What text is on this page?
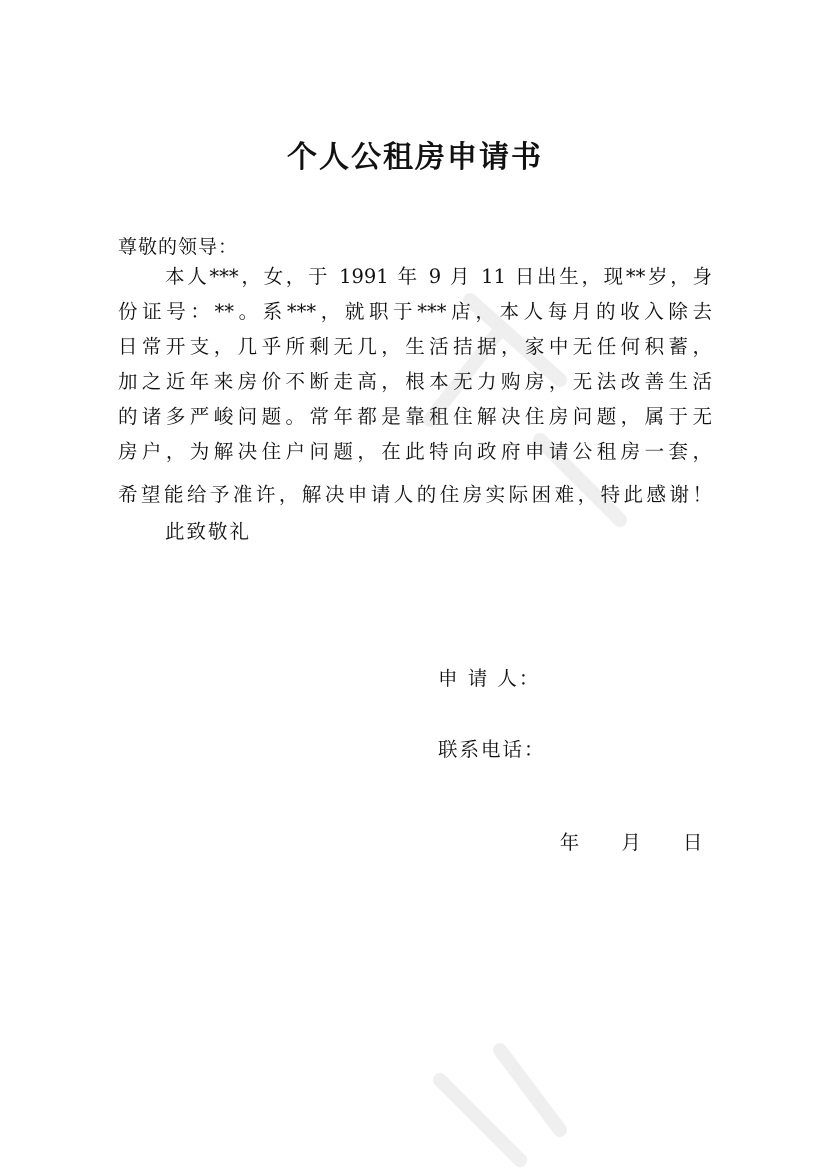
个人公租房申请书
尊敬的领导：
本人***，女，于 1991 年 9 月 11 日出生，现**岁，身
份证号：**。系***，就职于***店，本人每月的收入除去
日常开支，几乎所剩无几，生活拮据，家中无任何积蓄，
加之近年来房价不断走高，根本无力购房，无法改善生活
的诸多严峻问题。常年都是靠租住解决住房问题，属于无
房户，为解决住户问题，在此特向政府申请公租房一套，
希望能给予准许，解决申请人的住房实际困难，特此感谢！
此致敬礼
申 请 人：
联系电话：

年 月 日
